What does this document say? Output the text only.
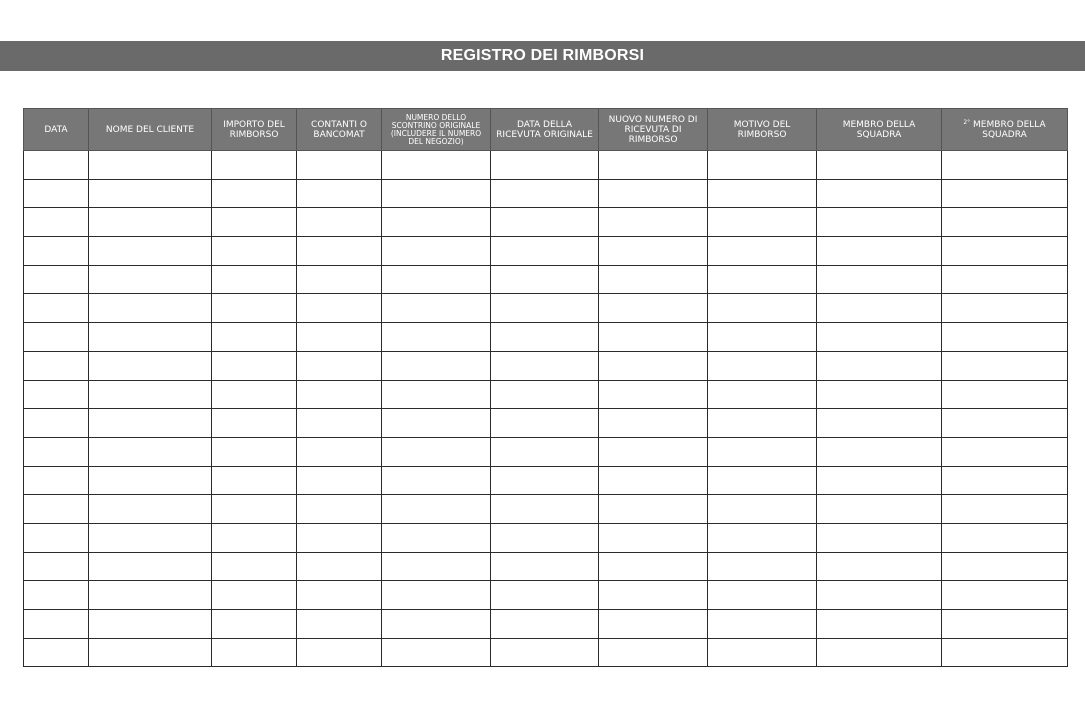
REGISTRO DEI RIMBORSI
DATA	NOME DEL CLIENTE	IMPORTO DEL RIMBORSO	CONTANTI O BANCOMAT	NUMERO DELLO SCONTRINO ORIGINALE (INCLUDERE IL NUMERO DEL NEGOZIO)	DATA DELLA RICEVUTA ORIGINALE	NUOVO NUMERO DI RICEVUTA DI RIMBORSO	MOTIVO DEL RIMBORSO	MEMBRO DELLA SQUADRA	$^{2^\circ}$ MEMBRO DELLA SQUADRA
